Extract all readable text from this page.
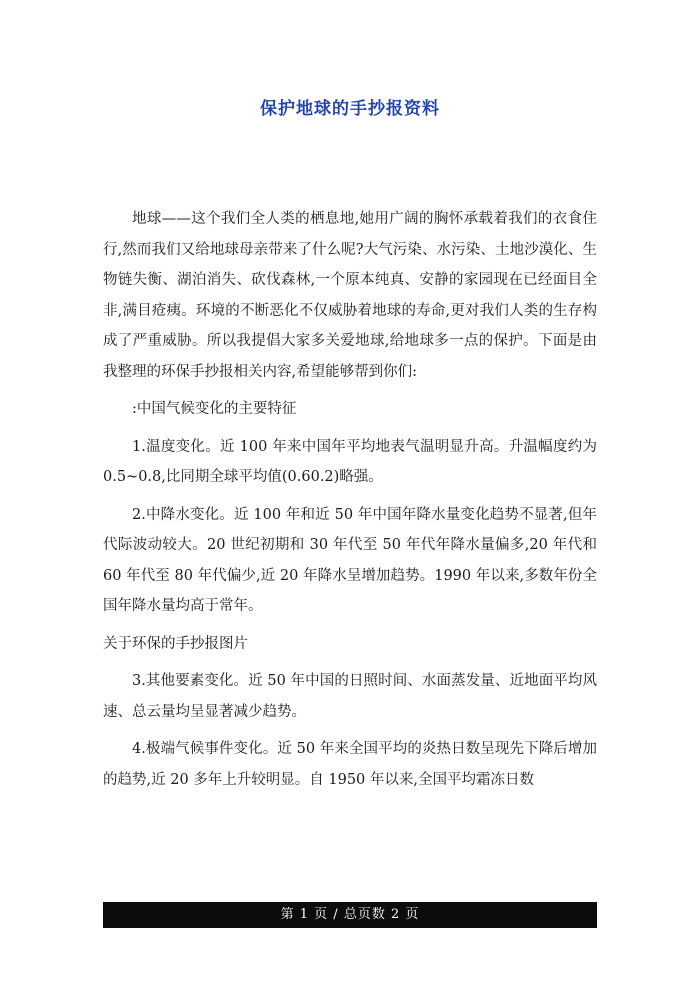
保护地球的手抄报资料

地球——这个我们全人类的栖息地,她用广阔的胸怀承载着我们的衣食住行,然而我们又给地球母亲带来了什么呢?大气污染、水污染、土地沙漠化、生物链失衡、湖泊消失、砍伐森林,一个原本纯真、安静的家园现在已经面目全非,满目疮痍。环境的不断恶化不仅威胁着地球的寿命,更对我们人类的生存构成了严重威胁。所以我提倡大家多关爱地球,给地球多一点的保护。下面是由我整理的环保手抄报相关内容,希望能够帮到你们:

:中国气候变化的主要特征

1.温度变化。近 100 年来中国年平均地表气温明显升高。升温幅度约为 0.5~0.8,比同期全球平均值(0.60.2)略强。

2.中降水变化。近 100 年和近 50 年中国年降水量变化趋势不显著,但年代际波动较大。20 世纪初期和 30 年代至 50 年代年降水量偏多,20 年代和 60 年代至 80 年代偏少,近 20 年降水呈增加趋势。1990 年以来,多数年份全国年降水量均高于常年。

关于环保的手抄报图片

3.其他要素变化。近 50 年中国的日照时间、水面蒸发量、近地面平均风速、总云量均呈显著减少趋势。

4.极端气候事件变化。近 50 年来全国平均的炎热日数呈现先下降后增加的趋势,近 20 多年上升较明显。自 1950 年以来,全国平均霜冻日数

第 1 页 / 总页数 2 页
